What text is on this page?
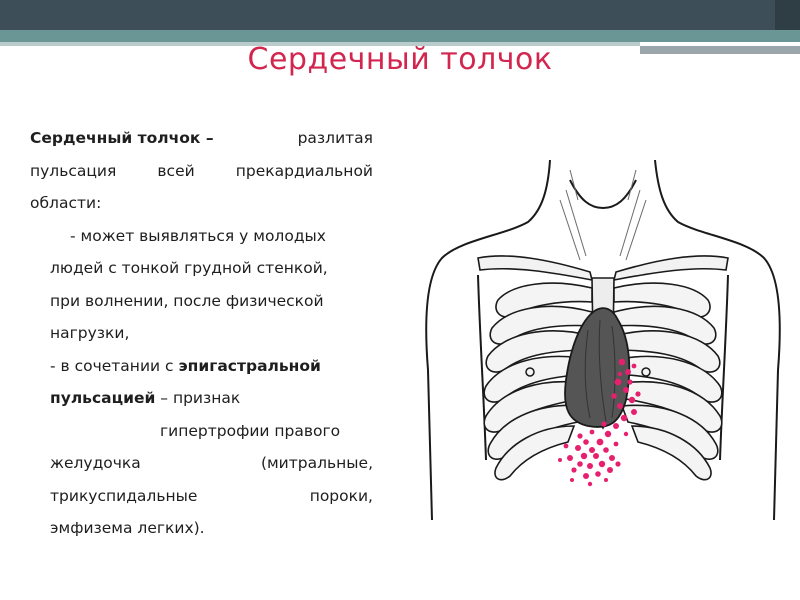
Сердечный толчок
Сердечный толчок –	разлитая
пульсация	всей	прекардиальной
области:
- может выявляться у молодых
людей с тонкой грудной стенкой,
при волнении, после физической
нагрузки,
- в сочетании с эпигастральной
пульсацией – признак
гипертрофии правого
желудочка	(митральные,
трикуспидальные	пороки,
эмфизема легких).
